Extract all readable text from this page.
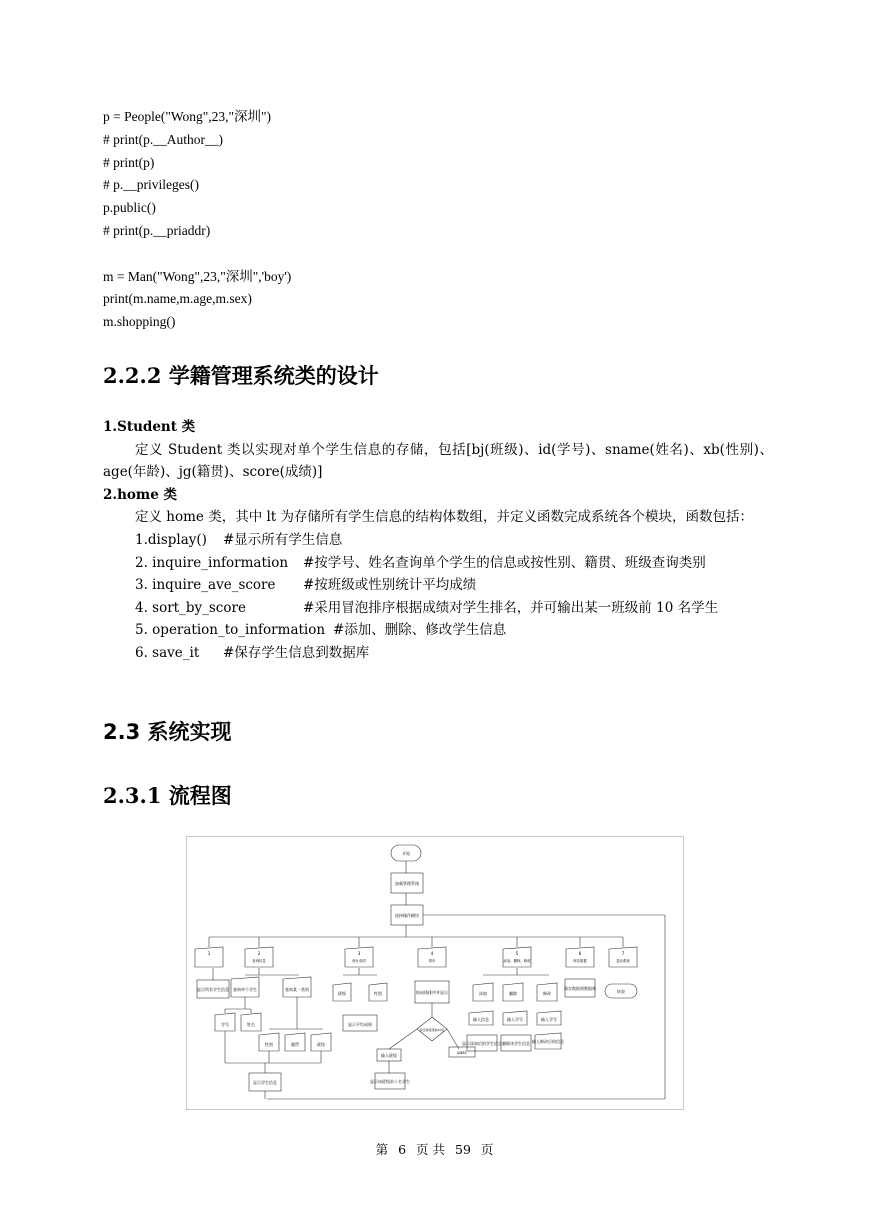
p = People("Wong",23,"深圳")
# print(p.__Author__)
# print(p)
# p.__privileges()
p.public()
# print(p.__priaddr)
m = Man("Wong",23,"深圳",'boy')
print(m.name,m.age,m.sex)
m.shopping()
2.2.2 学籍管理系统类的设计
1.Student 类
定义 Student 类以实现对单个学生信息的存储，包括[bj(班级)、id(学号)、sname(姓名)、xb(性别)、age(年龄)、jg(籍贯)、score(成绩)]
2.home 类
定义 home 类，其中 lt 为存储所有学生信息的结构体数组，并定义函数完成系统各个模块，函数包括：
1.display() #显示所有学生信息
2. inquire_information #按学号、姓名查询单个学生的信息或按性别、籍贯、班级查询类别
3. inquire_ave_score #按班级或性别统计平均成绩
4. sort_by_score	#采用冒泡排序根据成绩对学生排名，并可输出某一班级前 10 名学生
5. operation_to_information #添加、删除、修改学生信息
6. save_it #保存学生信息到数据库
2.3 系统实现
2.3.1 流程图
开始
加载管理系统
选择操作模块
1	2
查询信息
3
统计成绩
4
排序
5
添加、删除、修改
6
保存数据
7
退出系统
显示所有学生信息 查询单个学生	查询某一类别
学号	姓名
性别	籍贯	班级
显示学生信息
班级	性别
显示平均成绩
按成绩排序并显示
是否按班级前10名
输入班级
pass
显示该班级前十名学生
添加	删除	修改
输入信息	输入学号	输入学号
显示添加后的学生信息 删除该学生信息 输入修改后的信息
保存数据到数据库
结束
第 6 页 共 59 页
